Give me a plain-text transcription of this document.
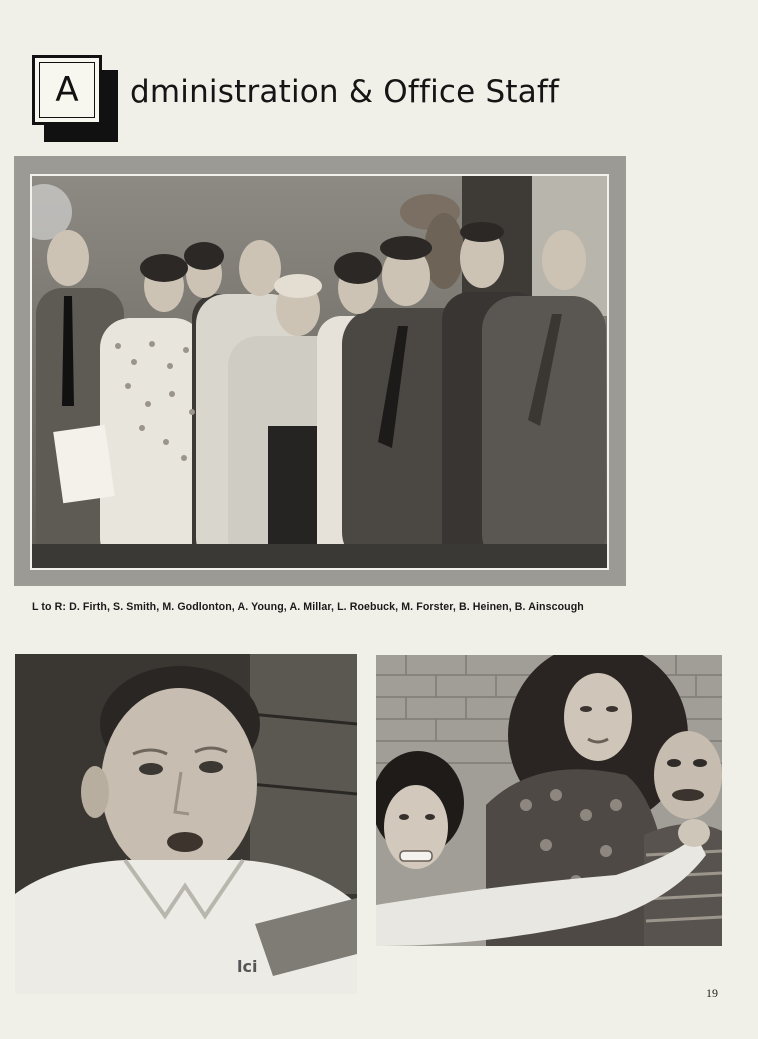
A dministration & Office Staff
L to R: D. Firth, S. Smith, M. Godlonton, A. Young, A. Millar, L. Roebuck, M. Forster, B. Heinen, B. Ainscough
lci
19
